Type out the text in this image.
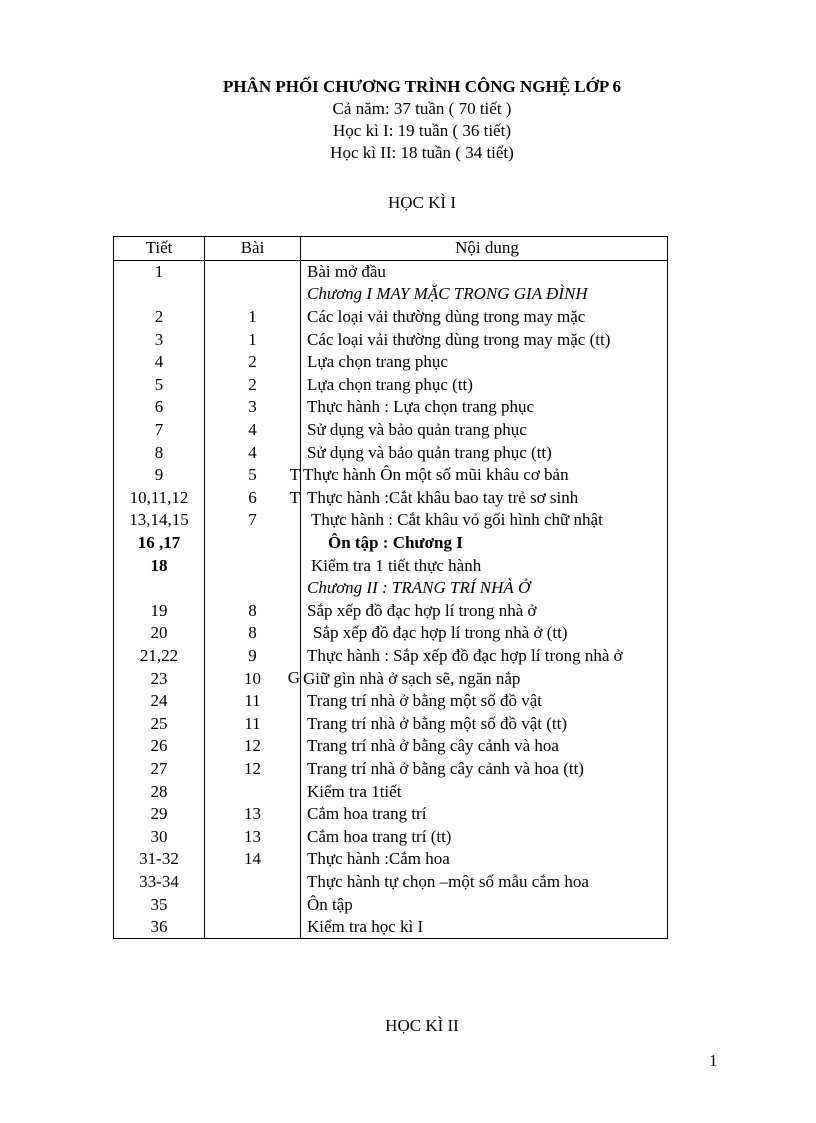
PHÂN PHỐI CHƯƠNG TRÌNH CÔNG NGHỆ LỚP 6
Cả năm: 37 tuần ( 70 tiết )
Học kì I: 19 tuần ( 36 tiết)
Học kì II: 18 tuần ( 34 tiết)
HỌC KÌ I
Tiết	Bài	Nội dung
1		Bài mở đầu
		Chương I MAY MẶC TRONG GIA ĐÌNH
2	1	Các loại vải thường dùng trong may mặc
3	1	Các loại vải thường dùng trong may mặc (tt)
4	2	Lựa chọn trang phục
5	2	Lựa chọn trang phục (tt)
6	3	Thực hành : Lựa chọn trang phục
7	4	Sử dụng và bảo quản trang phục
8	4	Sử dụng và bảo quản trang phục (tt)
9	5 T	Thực hành Ôn một số mũi khâu cơ bản
10,11,12	6 T	Thực hành :Cắt khâu bao tay trẻ sơ sinh
13,14,15	7	Thực hành : Cắt khâu vỏ gối hình chữ nhật
16 ,17		Ôn tập : Chương I
18		Kiểm tra 1 tiết thực hành
		Chương II : TRANG TRÍ NHÀ Ở
19	8	Sắp xếp đồ đạc hợp lí trong nhà ở
20	8	Sắp xếp đồ đạc hợp lí trong nhà ở (tt)
21,22	9	Thực hành : Sắp xếp đồ đạc hợp lí trong nhà ở
23	10 G	Giữ gìn nhà ở sạch sẽ, ngăn nắp
24	11	Trang trí nhà ở bằng một số đồ vật
25	11	Trang trí nhà ở bằng một số đồ vật (tt)
26	12	Trang trí nhà ở bằng cây cảnh và hoa
27	12	Trang trí nhà ở bằng cây cảnh và hoa (tt)
28		Kiểm tra 1tiết
29	13	Cắm hoa trang trí
30	13	Cắm hoa trang trí (tt)
31-32	14	Thực hành :Cắm hoa
33-34		Thực hành tự chọn –một số mẫu cắm hoa
35		Ôn tập
36		Kiểm tra học kì I
HỌC KÌ II
1
